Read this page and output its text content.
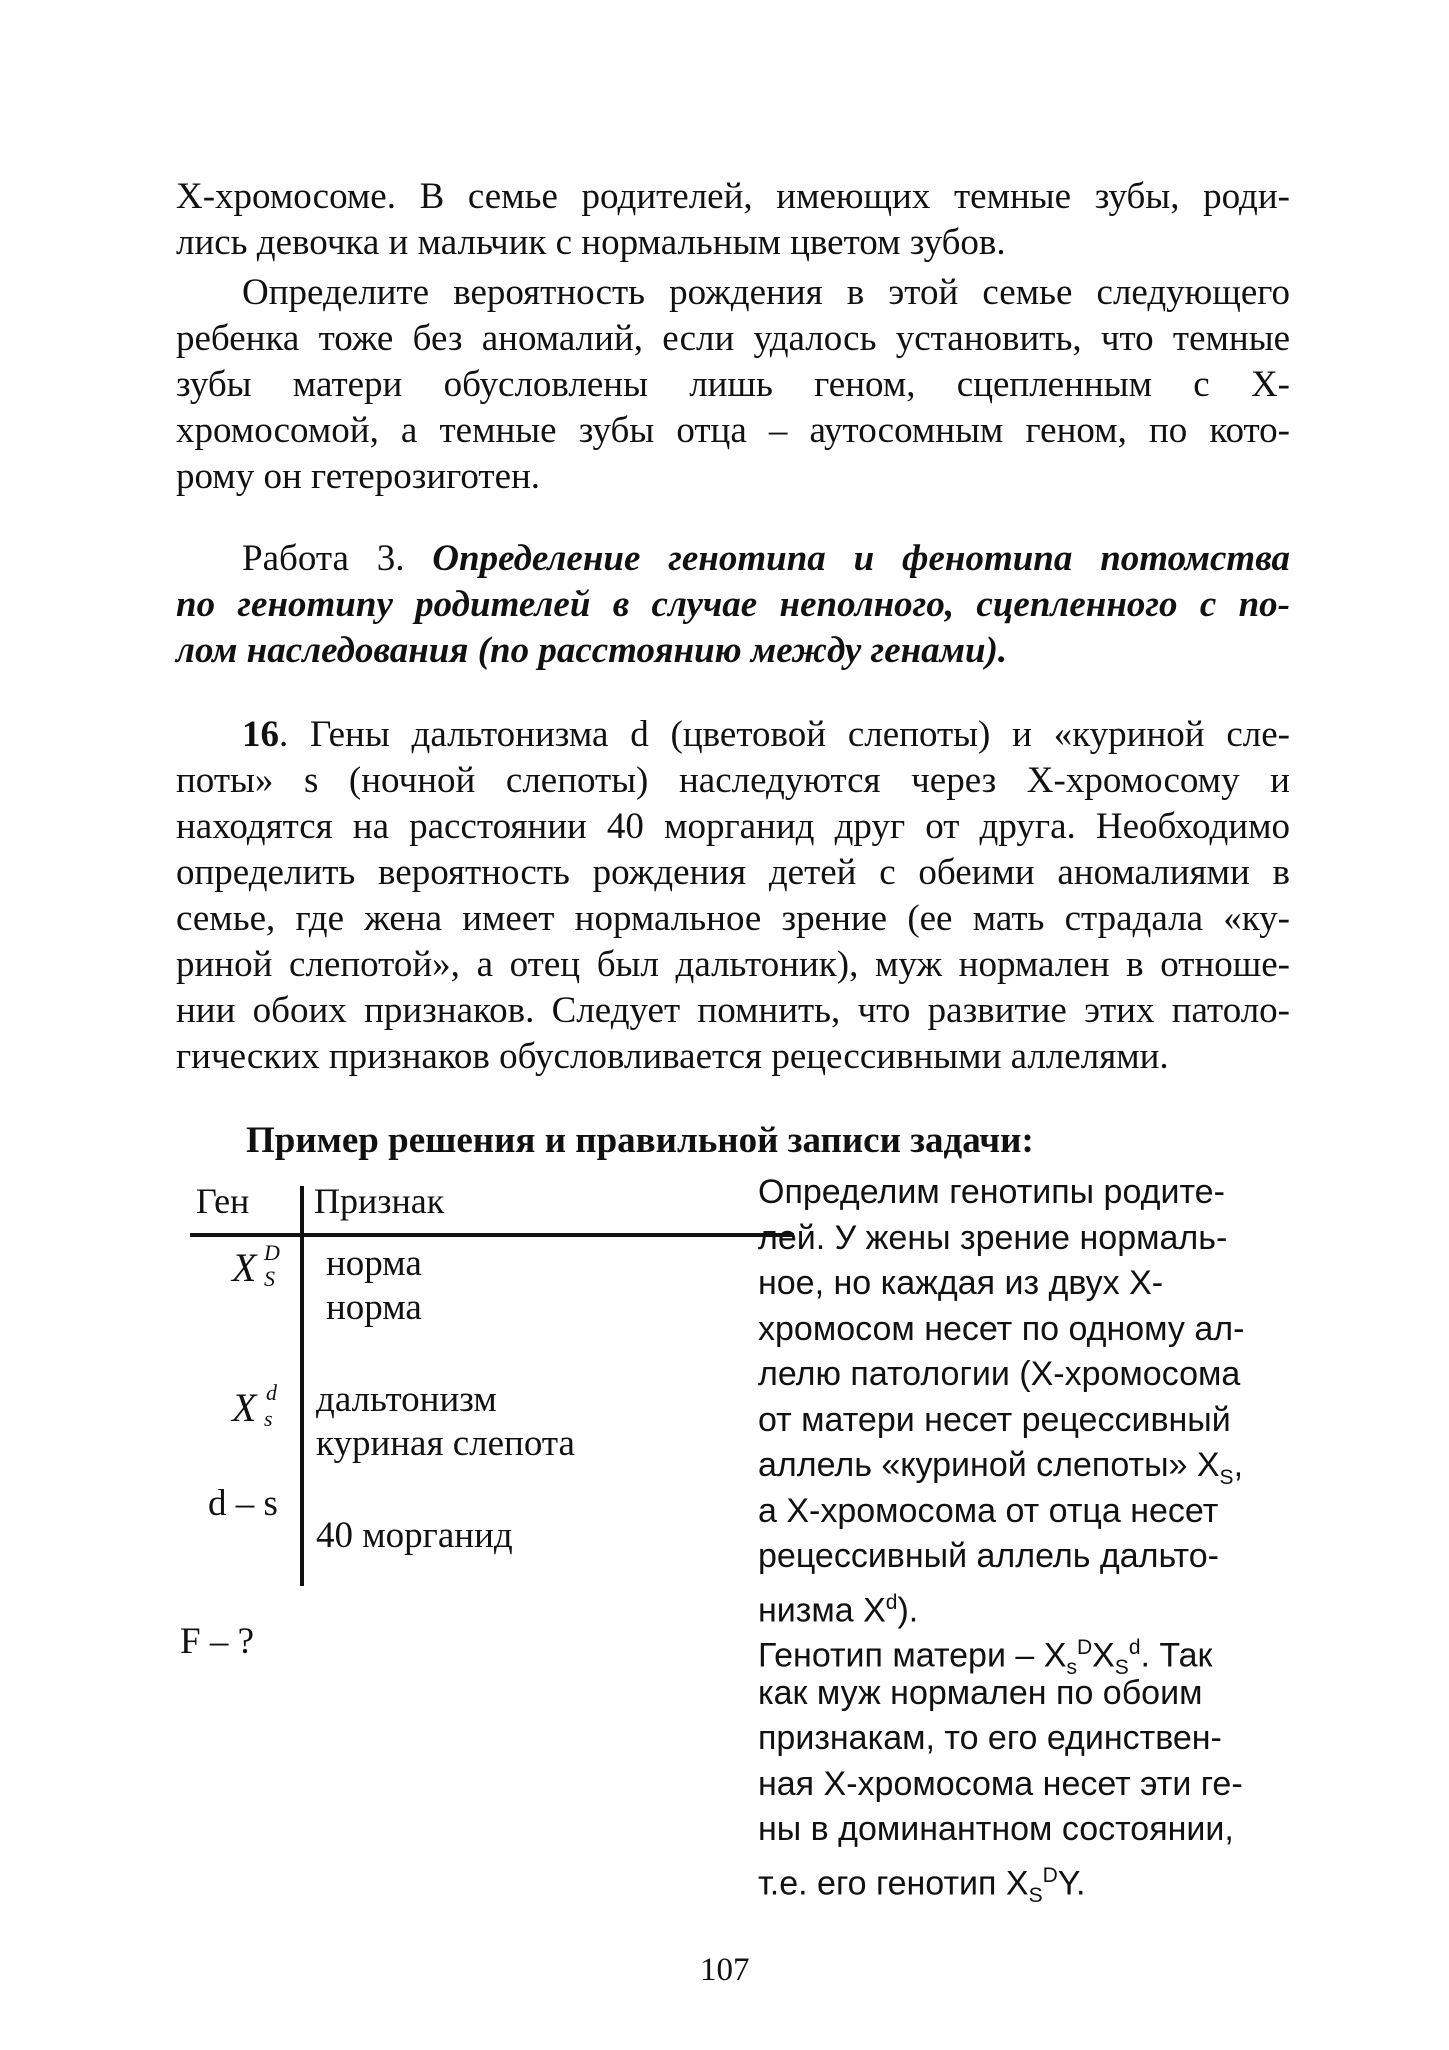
Х-хромосоме. В семье родителей, имеющих темные зубы, роди-
лись девочка и мальчик с нормальным цветом зубов.
Определите вероятность рождения в этой семье следующего
ребенка тоже без аномалий, если удалось установить, что темные
зубы матери обусловлены лишь геном, сцепленным с Х-
хромосомой, а темные зубы отца – аутосомным геном, по кото-
рому он гетерозиготен.
Работа 3. Определение генотипа и фенотипа потомства
по генотипу родителей в случае неполного, сцепленного с по-
лом наследования (по расстоянию между генами).
16. Гены дальтонизма d (цветовой слепоты) и «куриной сле-
поты» s (ночной слепоты) наследуются через Х-хромосому и
находятся на расстоянии 40 морганид друг от друга. Необходимо
определить вероятность рождения детей с обеими аномалиями в
семье, где жена имеет нормальное зрение (ее мать страдала «ку-
риной слепотой», а отец был дальтоник), муж нормален в отноше-
нии обоих признаков. Следует помнить, что развитие этих патоло-
гических признаков обусловливается рецессивными аллелями.
Пример решения и правильной записи задачи:
Ген Признак
X D
S норма
норма
X d
s дальтонизм
куриная слепота
d – s
40 морганид
F – ?
Определим генотипы родите-
лей. У жены зрение нормаль-
ное, но каждая из двух Х-
хромосом несет по одному ал-
лелю патологии (Х-хромосома
от матери несет рецессивный
аллель «куриной слепоты» $X_S$,
а Х-хромосома от отца несет
рецессивный аллель дальто-
низма $X^d$).
Генотип матери – $X_s^DX_S^d$. Так
как муж нормален по обоим
признакам, то его единствен-
ная Х-хромосома несет эти ге-
ны в доминантном состоянии,
т.е. его генотип $X_S^DY$.
107
